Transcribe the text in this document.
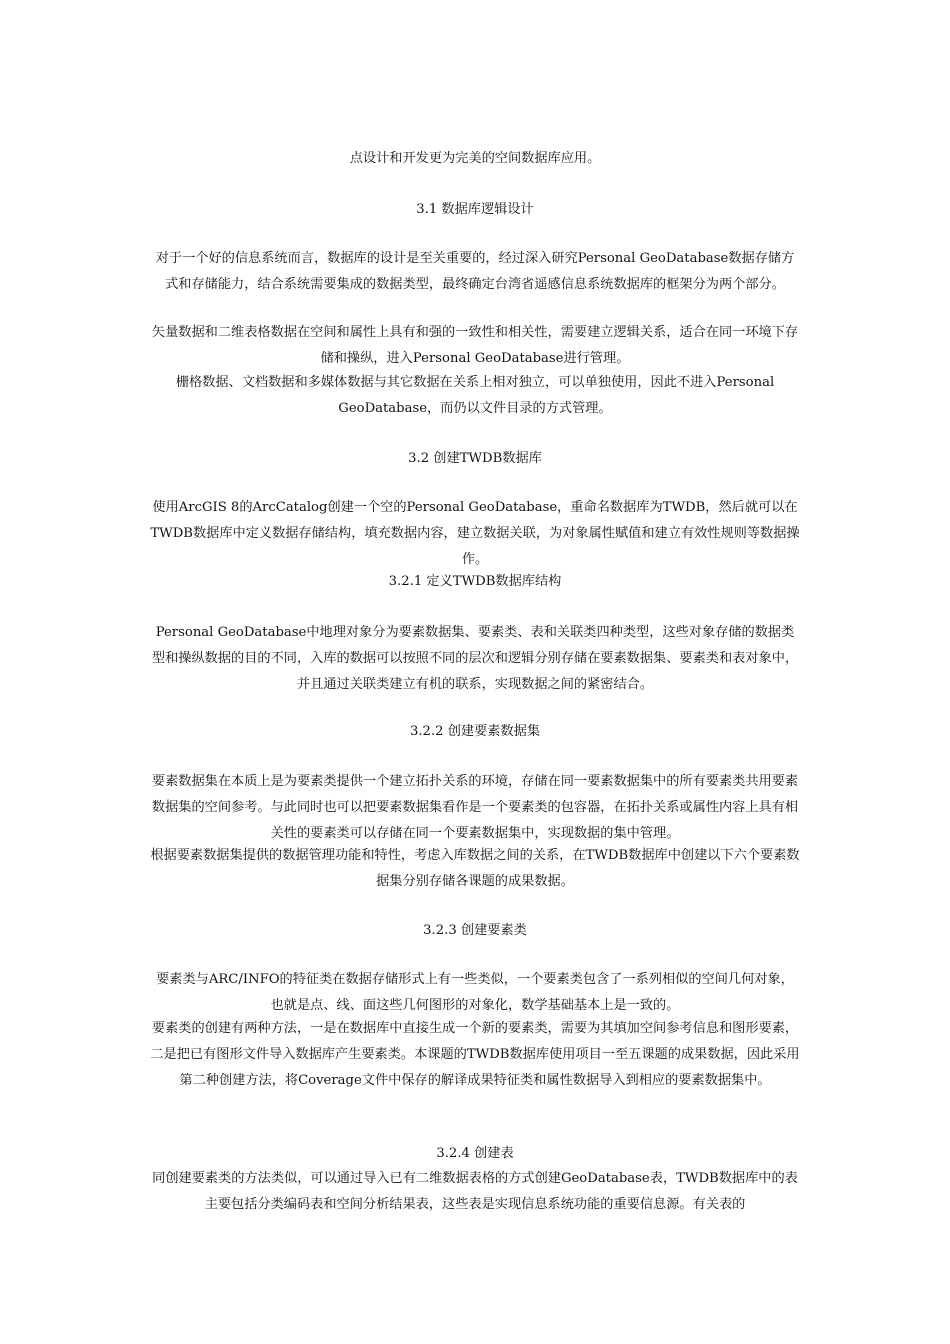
点设计和开发更为完美的空间数据库应用。
3.1 数据库逻辑设计
对于一个好的信息系统而言，数据库的设计是至关重要的，经过深入研究Personal GeoDatabase数据存储方式和存储能力，结合系统需要集成的数据类型，最终确定台湾省遥感信息系统数据库的框架分为两个部分。
矢量数据和二维表格数据在空间和属性上具有和强的一致性和相关性，需要建立逻辑关系，适合在同一环境下存储和操纵，进入Personal GeoDatabase进行管理。
栅格数据、文档数据和多媒体数据与其它数据在关系上相对独立，可以单独使用，因此不进入Personal GeoDatabase，而仍以文件目录的方式管理。
3.2 创建TWDB数据库
使用ArcGIS 8的ArcCatalog创建一个空的Personal GeoDatabase，重命名数据库为TWDB，然后就可以在TWDB数据库中定义数据存储结构，填充数据内容，建立数据关联，为对象属性赋值和建立有效性规则等数据操作。
3.2.1 定义TWDB数据库结构
Personal GeoDatabase中地理对象分为要素数据集、要素类、表和关联类四种类型，这些对象存储的数据类型和操纵数据的目的不同，入库的数据可以按照不同的层次和逻辑分别存储在要素数据集、要素类和表对象中，并且通过关联类建立有机的联系，实现数据之间的紧密结合。
3.2.2 创建要素数据集
要素数据集在本质上是为要素类提供一个建立拓扑关系的环境，存储在同一要素数据集中的所有要素类共用要素数据集的空间参考。与此同时也可以把要素数据集看作是一个要素类的包容器，在拓扑关系或属性内容上具有相关性的要素类可以存储在同一个要素数据集中，实现数据的集中管理。
根据要素数据集提供的数据管理功能和特性，考虑入库数据之间的关系，在TWDB数据库中创建以下六个要素数据集分别存储各课题的成果数据。
3.2.3 创建要素类
要素类与ARC/INFO的特征类在数据存储形式上有一些类似，一个要素类包含了一系列相似的空间几何对象，也就是点、线、面这些几何图形的对象化，数学基础基本上是一致的。
要素类的创建有两种方法，一是在数据库中直接生成一个新的要素类，需要为其填加空间参考信息和图形要素，二是把已有图形文件导入数据库产生要素类。本课题的TWDB数据库使用项目一至五课题的成果数据，因此采用第二种创建方法，将Coverage文件中保存的解译成果特征类和属性数据导入到相应的要素数据集中。
3.2.4 创建表
同创建要素类的方法类似，可以通过导入已有二维数据表格的方式创建GeoDatabase表，TWDB数据库中的表主要包括分类编码表和空间分析结果表，这些表是实现信息系统功能的重要信息源。有关表的
